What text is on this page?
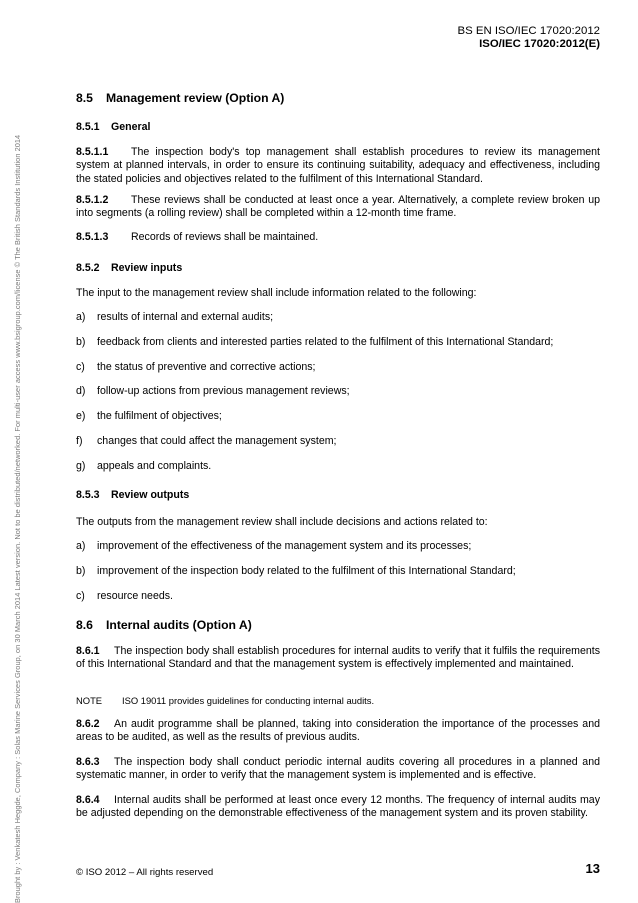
Brought by : Venkatesh Heggde, Company : Solas Marine Services Group, on 30 March 2014 Latest version. Not to be distributed/networked. For multi-user access www.bsigroup.com/license © The British Standards Institution 2014
BS EN ISO/IEC 17020:2012
ISO/IEC 17020:2012(E)
8.5 Management review (Option A)
8.5.1 General
8.5.1.1 The inspection body's top management shall establish procedures to review its management system at planned intervals, in order to ensure its continuing suitability, adequacy and effectiveness, including the stated policies and objectives related to the fulfilment of this International Standard.
8.5.1.2 These reviews shall be conducted at least once a year. Alternatively, a complete review broken up into segments (a rolling review) shall be completed within a 12-month time frame.
8.5.1.3 Records of reviews shall be maintained.
8.5.2 Review inputs
The input to the management review shall include information related to the following:
a) results of internal and external audits;
b) feedback from clients and interested parties related to the fulfilment of this International Standard;
c) the status of preventive and corrective actions;
d) follow-up actions from previous management reviews;
e) the fulfilment of objectives;
f) changes that could affect the management system;
g) appeals and complaints.
8.5.3 Review outputs
The outputs from the management review shall include decisions and actions related to:
a) improvement of the effectiveness of the management system and its processes;
b) improvement of the inspection body related to the fulfilment of this International Standard;
c) resource needs.
8.6 Internal audits (Option A)
8.6.1 The inspection body shall establish procedures for internal audits to verify that it fulfils the requirements of this International Standard and that the management system is effectively implemented and maintained.
NOTE ISO 19011 provides guidelines for conducting internal audits.
8.6.2 An audit programme shall be planned, taking into consideration the importance of the processes and areas to be audited, as well as the results of previous audits.
8.6.3 The inspection body shall conduct periodic internal audits covering all procedures in a planned and systematic manner, in order to verify that the management system is implemented and is effective.
8.6.4 Internal audits shall be performed at least once every 12 months. The frequency of internal audits may be adjusted depending on the demonstrable effectiveness of the management system and its proven stability.
© ISO 2012 – All rights reserved	13
